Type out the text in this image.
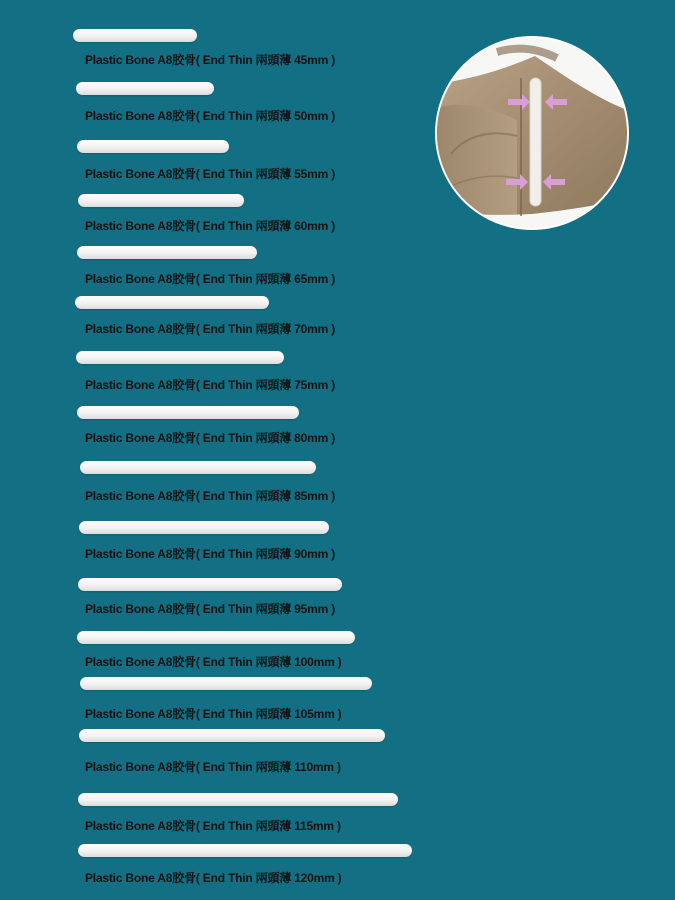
Plastic Bone A8胶骨( End Thin 兩頭薄 45mm )
Plastic Bone A8胶骨( End Thin 兩頭薄 50mm )
Plastic Bone A8胶骨( End Thin 兩頭薄 55mm )
Plastic Bone A8胶骨( End Thin 兩頭薄 60mm )
Plastic Bone A8胶骨( End Thin 兩頭薄 65mm )
Plastic Bone A8胶骨( End Thin 兩頭薄 70mm )
Plastic Bone A8胶骨( End Thin 兩頭薄 75mm )
Plastic Bone A8胶骨( End Thin 兩頭薄 80mm )
Plastic Bone A8胶骨( End Thin 兩頭薄 85mm )
Plastic Bone A8胶骨( End Thin 兩頭薄 90mm )
Plastic Bone A8胶骨( End Thin 兩頭薄 95mm )
Plastic Bone A8胶骨( End Thin 兩頭薄 100mm )
Plastic Bone A8胶骨( End Thin 兩頭薄 105mm )
Plastic Bone A8胶骨( End Thin 兩頭薄 110mm )
Plastic Bone A8胶骨( End Thin 兩頭薄 115mm )
Plastic Bone A8胶骨( End Thin 兩頭薄 120mm )
